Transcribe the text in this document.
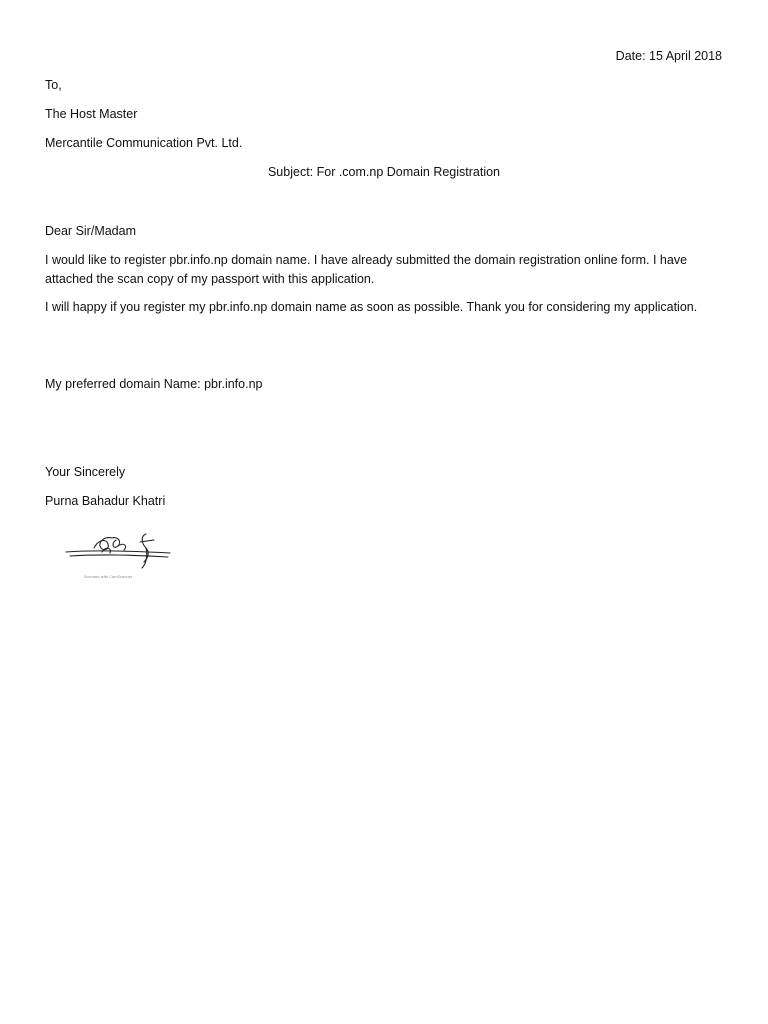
Date: 15 April 2018
To,
The Host Master
Mercantile Communication Pvt. Ltd.
Subject: For .com.np Domain Registration
Dear Sir/Madam
I would like to register pbr.info.np domain name. I have already submitted the domain registration online form. I have attached the scan copy of my passport with this application.
I will happy if you register my pbr.info.np domain name as soon as possible. Thank you for considering my application.
My preferred domain Name: pbr.info.np
Your Sincerely
Purna Bahadur Khatri
Scanned with CamScanner
